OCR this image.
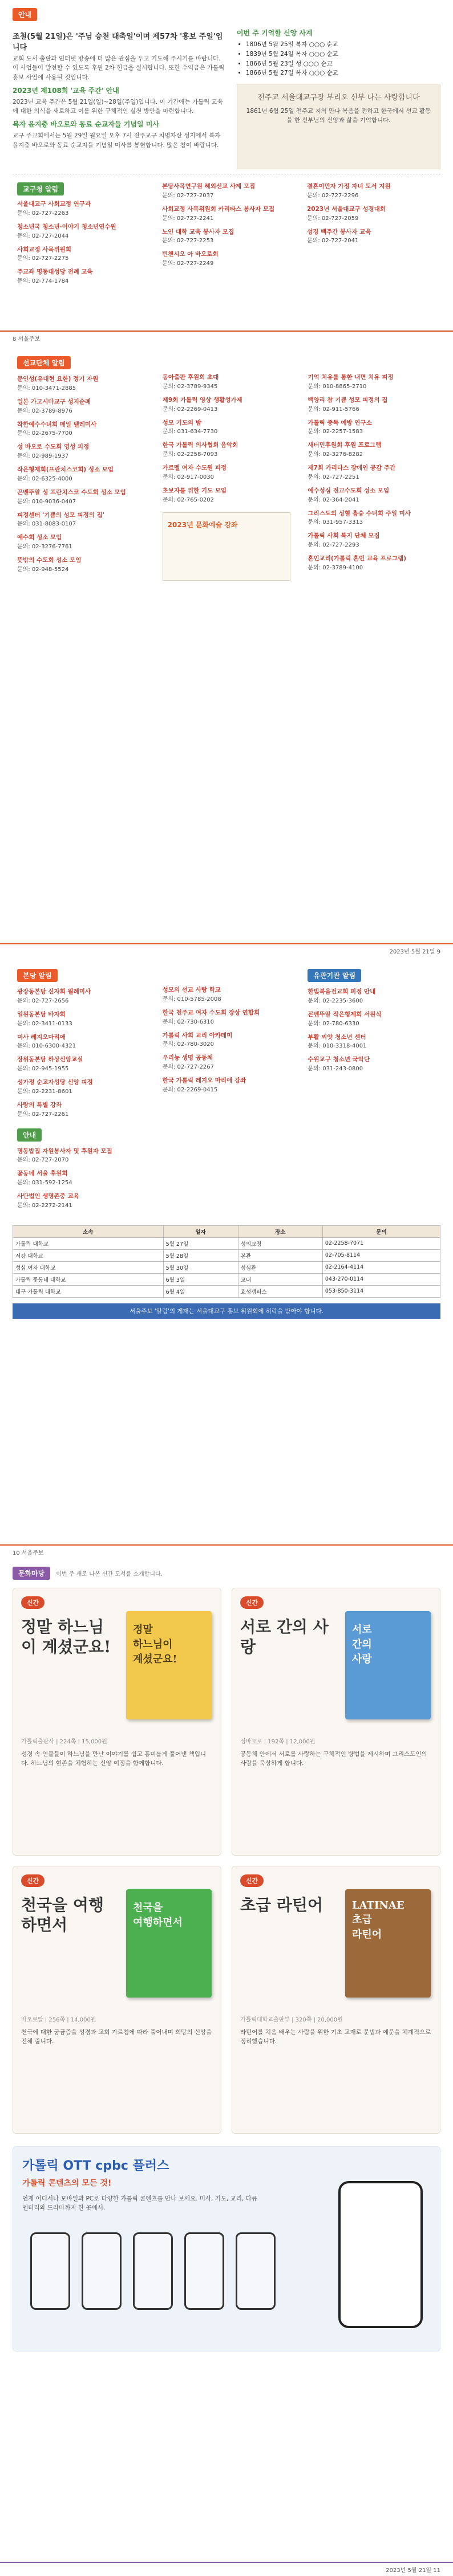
안내
조철(5월 21일)은 '주님 승천 대축일'이며 제57차 '홍보 주일'입니다

교회 도서 출판과 인터넷 방송에 더 많은 관심을 두고 기도해 주시기를 바랍니다. 이 사업들이 발전할 수 있도록 후원 2차 헌금을 실시합니다. 또한 수익금은 가톨릭홍보 사업에 사용될 것입니다.

2023년 제108회 '교육 주간' 안내

2023년 교육 주간은 5월 21일(일)~28일(주일)입니다. 이 기간에는 가톨릭 교육에 대한 의식을 새로하고 이를 위한 구체적인 실천 방안을 마련합니다.

복자 윤지충 바오로와 동료 순교자들 기념일 미사

교구 주교회에서는 5월 29일 월요일 오후 7시 전주교구 치명자산 성지에서 복자 윤지충 바오로와 동료 순교자들 기념일 미사를 봉헌합니다. 많은 참여 바랍니다.

이번 주 기억할 신앙 사계
• 1806년 5월 25일 복자 ○○○ 순교
• 1839년 5월 24일 복자 ○○○ 순교
• 1866년 5월 23일 성 ○○○ 순교
• 1866년 5월 27일 복자 ○○○ 순교
전주교 서울대교구장 부리오 신부 나는 사랑합니다

1861년 6월 25일 전주교 지역 만나 복음을 전하고 한국에서 선교 활동을 한 신부님의 신앙과 삶을 기억합니다.

교구청 알림
서울대교구 사회교정 연구과
문의: 02-727-2263
청소년국 청소년·이야기 청소년연수원
문의: 02-727-2044
사회교정 사목위원회
문의: 02-727-2275
주교좌 명동대성당 전례 교육
문의: 02-774-1784
본당사목연구원 해외선교 사제 모집
문의: 02-727-2037
사회교정 사목위원회 카리타스 봉사자 모집
문의: 02-727-2241
노인 대학 교육 봉사자 모집
문의: 02-727-2253
빈첸시오 아 바오로회
문의: 02-727-2249
결혼이민자 가정 자녀 도서 지원
문의: 02-727-2296
2023년 서울대교구 성경대회
문의: 02-727-2059
성경 백주간 봉사자 교육
문의: 02-727-2041
8 서울주보
선교단체 알림
문인성(유대현 요한) 정기 자원
문의: 010-3471-2885
일본 가고시마교구 성지순례
문의: 02-3789-8976
착한예수수녀회 매일 텔레미사
문의: 02-2675-7700
성 바오로 수도회 영성 피정
문의: 02-989-1937
작은형제회(프란치스코회) 성소 모임
문의: 02-6325-4000
꼰벤뚜알 성 프란치스코 수도회 성소 모임
문의: 010-9036-0407
피정센터 '기쁨의 성모 피정의 집'
문의: 031-8083-0107
예수회 성소 모임
문의: 02-3276-7761
뜻밖의 수도회 성소 모임
문의: 02-948-5524
동아출판 후원회 초대
문의: 02-3789-9345
제9회 가톨릭 영상 생활성가제
문의: 02-2269-0413
성모 기도의 밤
문의: 031-634-7730
한국 가톨릭 의사협회 음악회
문의: 02-2258-7093
가르멜 여자 수도원 피정
문의: 02-917-0030
초보자를 위한 기도 모임
문의: 02-765-0202
2023년 문화예술 강좌
기억 치유를 통한 내면 치유 피정
문의: 010-8865-2710
백양리 참 기쁨 성모 피정의 집
문의: 02-911-5766
가톨릭 중독 예방 연구소
문의: 02-2257-1583
새터민후원회 후원 프로그램
문의: 02-3276-8282
제7회 카리타스 장애인 공감 주간
문의: 02-727-2251
예수성심 전교수도회 성소 모임
문의: 02-364-2041
그리스도의 성혈 흠숭 수녀회 주일 미사
문의: 031-957-3313
가톨릭 사회 복지 단체 모집
문의: 02-727-2293
혼인교리(가톨릭 혼인 교육 프로그램)
문의: 02-3789-4100
2023년 5월 21일 9
본당 알림
광장동본당 신자회 월례미사
문의: 02-727-2656
일원동본당 바자회
문의: 02-3411-0133
미사 레지오마리애
문의: 010-6300-4321
장위동본당 하상신앙교실
문의: 02-945-1955
성가정 순교자성당 신앙 피정
문의: 02-2231-8601
사랑의 특별 강좌
문의: 02-727-2261
안내
명동밥집 자원봉사자 및 후원자 모집
문의: 02-727-2070
꽃동네 서울 후원회
문의: 031-592-1254
사단법인 생명존중 교육
문의: 02-2272-2141
성모의 선교 사랑 학교
문의: 010-5785-2008
한국 천주교 여자 수도회 장상 연합회
문의: 02-730-6310
가톨릭 사회 교리 아카데미
문의: 02-780-3020
우리농 생명 공동체
문의: 02-727-2267
한국 가톨릭 레지오 마리애 강좌
문의: 02-2269-0415
유관기관 알림
한빛복음전교회 피정 안내
문의: 02-2235-3600
꼰벤뚜알 작은형제회 서원식
문의: 02-780-6330
부활 씨앗 청소년 센터
문의: 010-3318-4001
수원교구 청소년 국악단
문의: 031-243-0800
소속	일자	장소	문의
가톨릭 대학교	5월 27일	성의교정	02-2258-7071
서강 대학교	5월 28일	본관	02-705-8114
성심 여자 대학교	5월 30일	성심관	02-2164-4114
가톨릭 꽃동네 대학교	6월 3일	교내	043-270-0114
대구 가톨릭 대학교	6월 4일	효성캠퍼스	053-850-3114
서울주보 '알림'의 게재는 서울대교구 홍보 위원회에 허락을 받아야 합니다.
10 서울주보
문화마당	이번 주 새로 나온 신간 도서를 소개합니다.
신간
정말 하느님이 계셨군요!
정말
하느님이
계셨군요!
가톨릭출판사 | 224쪽 | 15,000원

성경 속 인물들이 하느님을 만난 이야기를 쉽고 흥미롭게 풀어낸 책입니다. 하느님의 현존을 체험하는 신앙 여정을 함께합니다.

신간
서로 간의 사랑
서로
간의
사랑
성바오로 | 192쪽 | 12,000원

공동체 안에서 서로를 사랑하는 구체적인 방법을 제시하며 그리스도인의 사랑을 묵상하게 합니다.

신간
천국을 여행하면서
천국을
여행하면서
바오로딸 | 256쪽 | 14,000원

천국에 대한 궁금증을 성경과 교회 가르침에 따라 풀어내며 희망의 신앙을 전해 줍니다.

신간
초급 라틴어	LATINAE
초급
라틴어
가톨릭대학교출판부 | 320쪽 | 20,000원

라틴어를 처음 배우는 사람을 위한 기초 교재로 문법과 예문을 체계적으로 정리했습니다.

가톨릭 OTT cpbc 플러스
가톨릭 콘텐츠의 모든 것!

언제 어디서나 모바일과 PC로 다양한 가톨릭 콘텐츠를 만나 보세요. 미사, 기도, 교리, 다큐멘터리와 드라마까지 한 곳에서.

2023년 5월 21일 11
